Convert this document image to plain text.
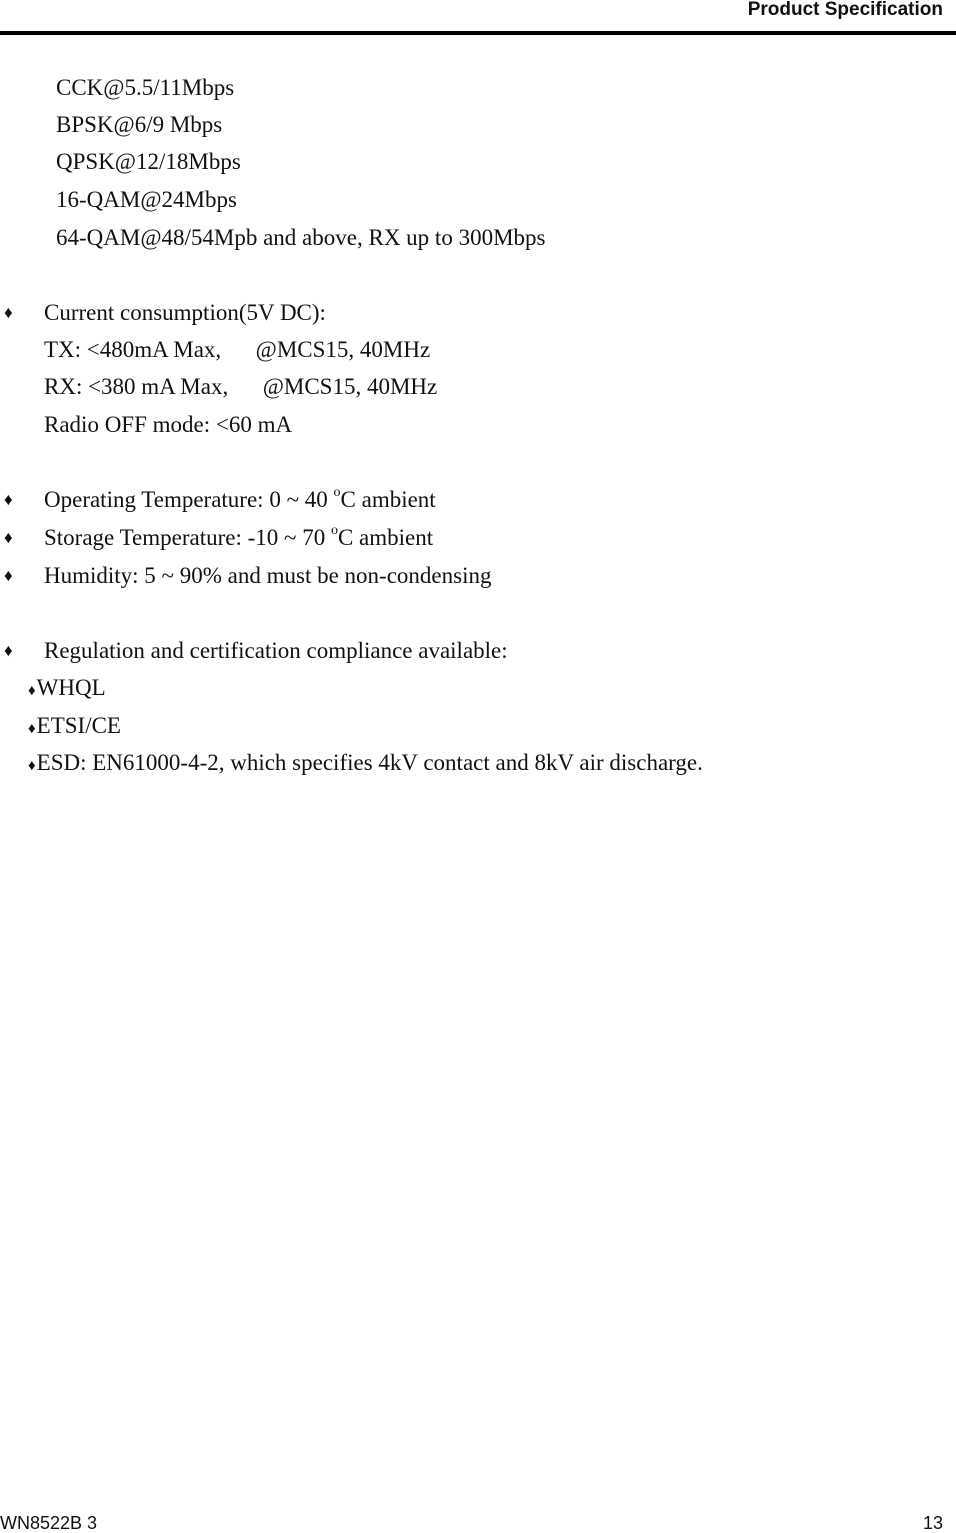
Product Specification
CCK@5.5/11Mbps
BPSK@6/9 Mbps
QPSK@12/18Mbps
16-QAM@24Mbps
64-QAM@48/54Mpb and above, RX up to 300Mbps
♦ Current consumption(5V DC):
TX: <480mA Max,      @MCS15, 40MHz
RX: <380 mA Max,      @MCS15, 40MHz
Radio OFF mode: <60 mA
♦ Operating Temperature: 0 ~ 40 $^o$C ambient
♦ Storage Temperature: -10 ~ 70 $^o$C ambient
♦ Humidity: 5 ~ 90% and must be non-condensing
♦ Regulation and certification compliance available:
♦WHQL
♦ETSI/CE
♦ESD: EN61000-4-2, which specifies 4kV contact and 8kV air discharge.
WN8522B 3	13
